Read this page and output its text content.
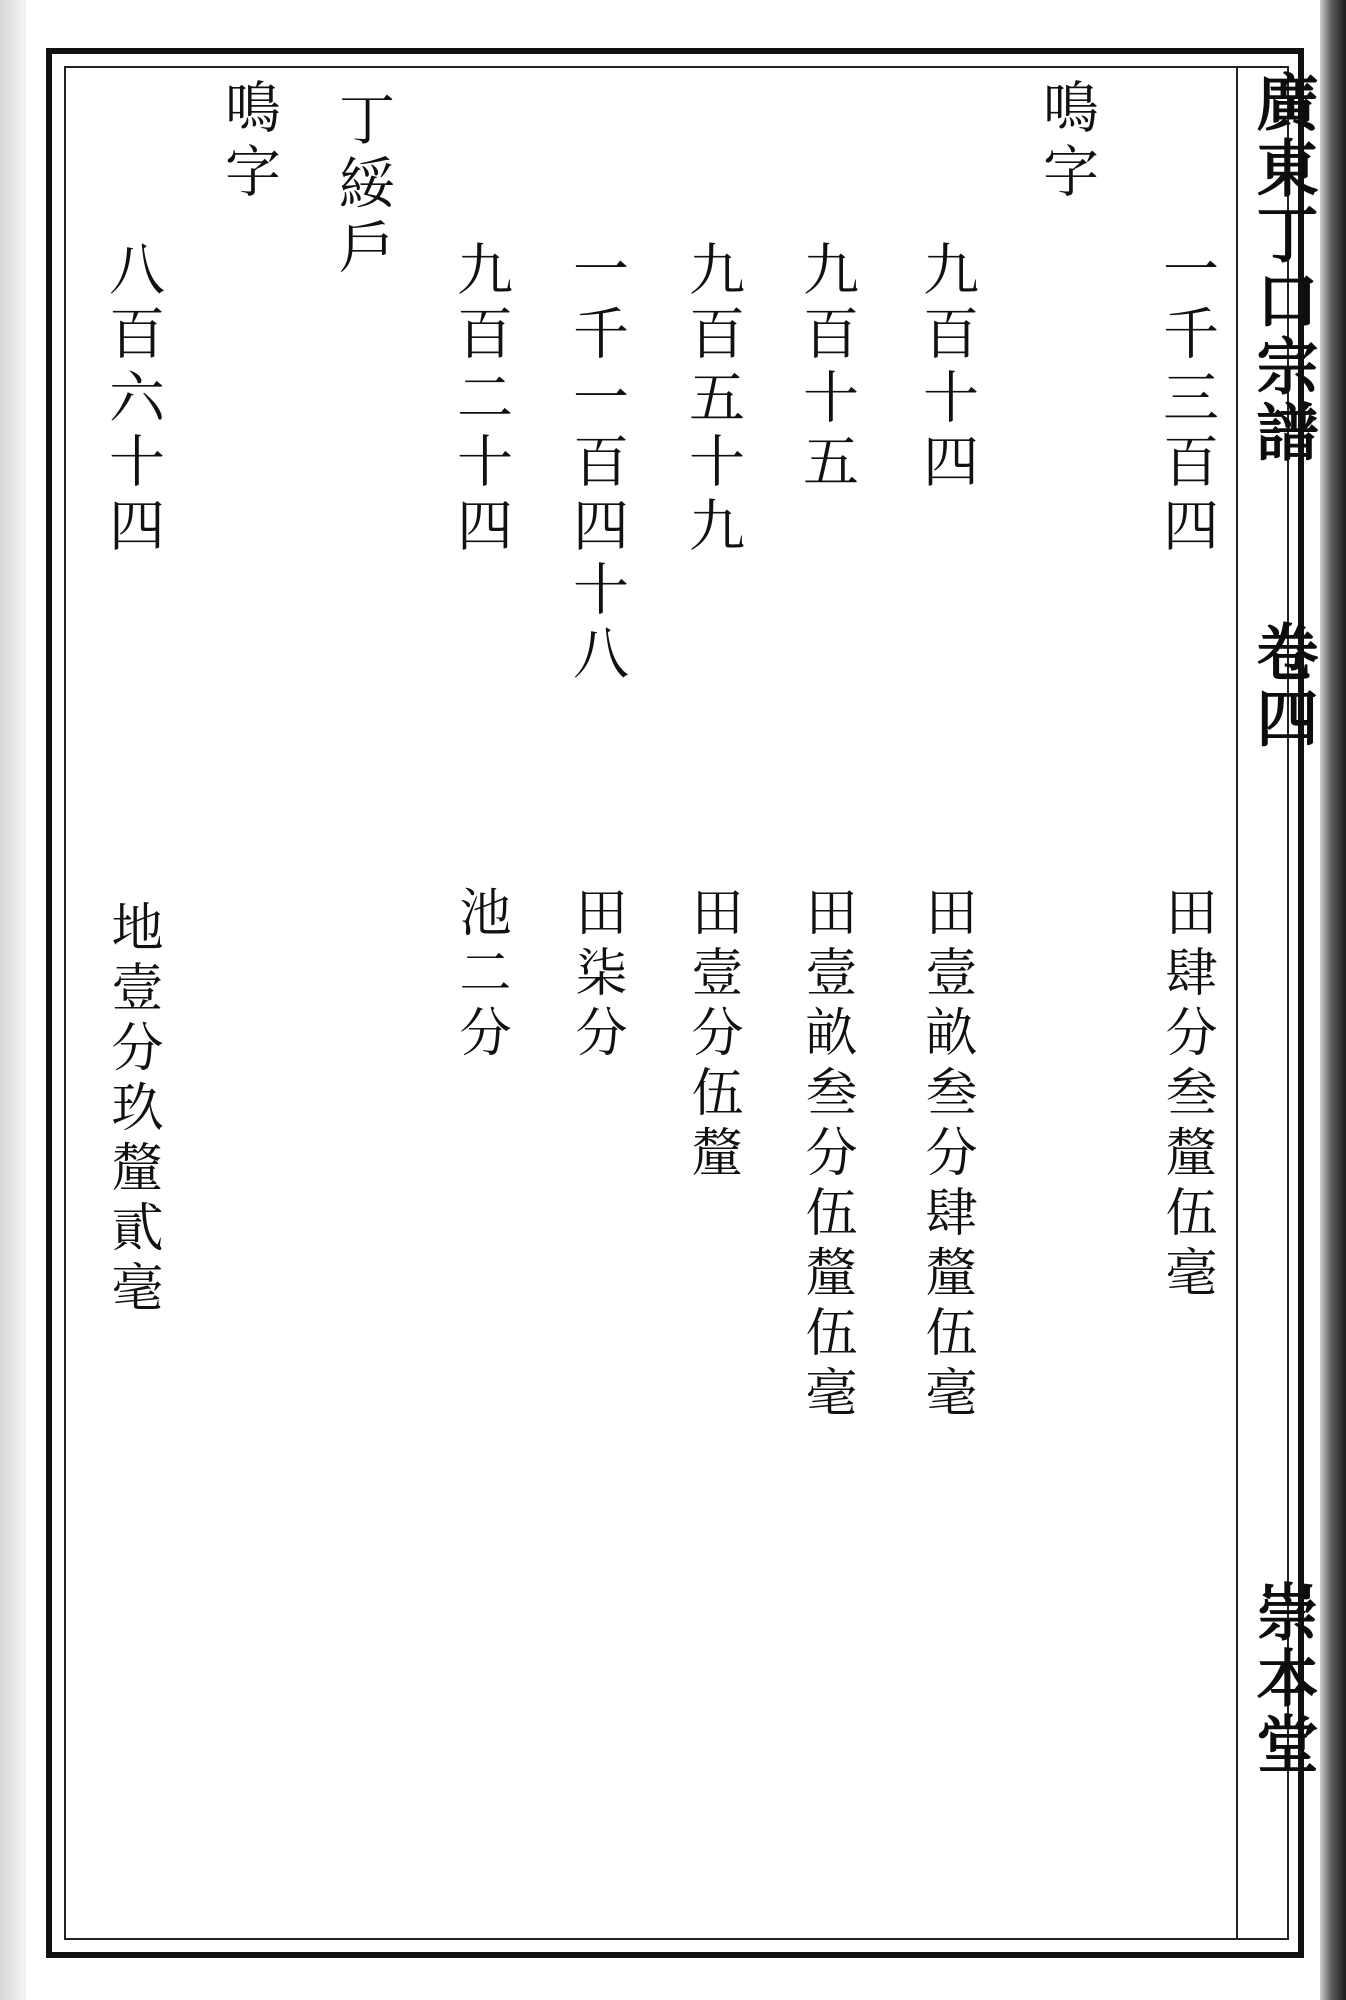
廣東丁口宗譜
卷四
崇本堂
一千三百四
田肆分叁釐伍毫
鳴字
九百十四
田壹畝叁分肆釐伍毫
九百十五
田壹畝叁分伍釐伍毫
九百五十九
田壹分伍釐
一千一百四十八
田柒分
九百二十四
池二分
丁綏戶
鳴字
八百六十四
地壹分玖釐貳毫
